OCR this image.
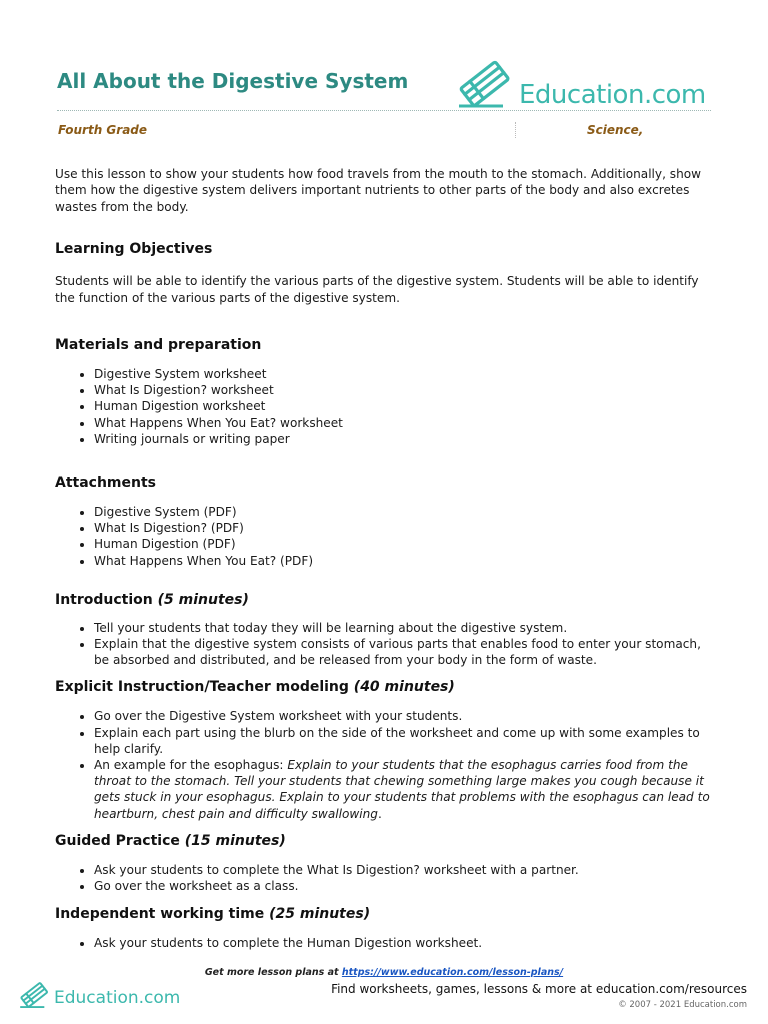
All About the Digestive System	Education.com
Fourth Grade	Science,

Use this lesson to show your students how food travels from the mouth to the stomach. Additionally, show them how the digestive system delivers important nutrients to other parts of the body and also excretes wastes from the body.

Learning Objectives

Students will be able to identify the various parts of the digestive system. Students will be able to identify the function of the various parts of the digestive system.

Materials and preparation
• Digestive System worksheet
• What Is Digestion? worksheet
• Human Digestion worksheet
• What Happens When You Eat? worksheet
• Writing journals or writing paper
Attachments
• Digestive System (PDF)
• What Is Digestion? (PDF)
• Human Digestion (PDF)
• What Happens When You Eat? (PDF)
Introduction (5 minutes)
• Tell your students that today they will be learning about the digestive system.
• Explain that the digestive system consists of various parts that enables food to enter your stomach, be absorbed and distributed, and be released from your body in the form of waste.
Explicit Instruction/Teacher modeling (40 minutes)
• Go over the Digestive System worksheet with your students.
• Explain each part using the blurb on the side of the worksheet and come up with some examples to help clarify.
• An example for the esophagus: Explain to your students that the esophagus carries food from the throat to the stomach. Tell your students that chewing something large makes you cough because it gets stuck in your esophagus. Explain to your students that problems with the esophagus can lead to heartburn, chest pain and difficulty swallowing.
Guided Practice (15 minutes)
• Ask your students to complete the What Is Digestion? worksheet with a partner.
• Go over the worksheet as a class.
Independent working time (25 minutes)
• Ask your students to complete the Human Digestion worksheet.
Get more lesson plans at https://www.education.com/lesson-plans/
Education.com	Find worksheets, games, lessons & more at education.com/resources
© 2007 - 2021 Education.com
